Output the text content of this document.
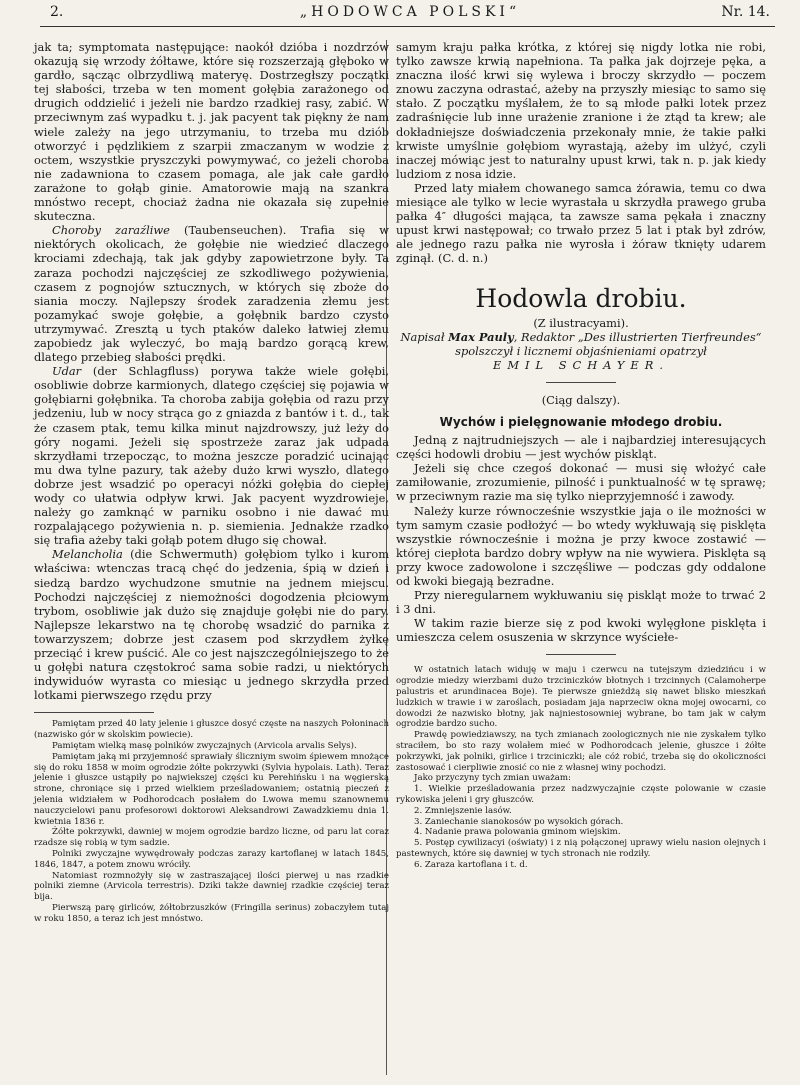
2.	„HODOWCA POLSKI“	Nr. 14.

jak ta; symptomata następujące: naokół dzióba i nozdrzów okazują się wrzody żółtawe, które się rozszerzają głęboko w gardło, sącząc olbrzydliwą materyę. Dostrzegłszy początki tej słabości, trzeba w ten moment gołębia zarażonego od drugich oddzielić i jeżeli nie bardzo rzadkiej rasy, zabić. W przeciwnym zaś wypadku t. j. jak pacyent tak piękny że nam wiele zależy na jego utrzymaniu, to trzeba mu dziób otworzyć i pędzlikiem z szarpii zmaczanym w wodzie z octem, wszystkie pryszczyki powymywać, co jeżeli choroba nie zadawniona to czasem pomaga, ale jak całe gardło zarażone to gołąb ginie. Amatorowie mają na szankra mnóstwo recept, chociaż żadna nie okazała się zupełnie skuteczna.

Choroby zaraźliwe (Taubenseuchen). Trafia się w niektórych okolicach, że gołębie nie wiedzieć dlaczego krociami zdechają, tak jak gdyby zapowietrzone były. Ta zaraza pochodzi najczęściej ze szkodliwego pożywienia, czasem z pognojów sztucznych, w których się zboże do siania moczy. Najlepszy środek zaradzenia złemu jest pozamykać swoje gołębie, a gołębnik bardzo czysto utrzymywać. Zresztą u tych ptaków daleko łatwiej złemu zapobiedz jak wyleczyć, bo mają bardzo gorącą krew, dlatego przebieg słabości prędki.

Udar (der Schlagfluss) porywa także wiele gołębi, osobliwie dobrze karmionych, dlatego częściej się pojawia w gołębiarni gołębnika. Ta choroba zabija gołębia od razu przy jedzeniu, lub w nocy strąca go z gniazda z bantów i t. d., tak że czasem ptak, temu kilka minut najzdrowszy, już leży do góry nogami. Jeżeli się spostrzeże zaraz jak udpada skrzydłami trzepocząc, to można jeszcze poradzić ucinając mu dwa tylne pazury, tak ażeby dużo krwi wyszło, dlatego dobrze jest wsadzić po operacyi nóżki gołębia do ciepłej wody co ułatwia odpływ krwi. Jak pacyent wyzdrowieje, należy go zamknąć w parniku osobno i nie dawać mu rozpalającego pożywienia n. p. siemienia. Jednakże rzadko się trafia ażeby taki gołąb potem długo się chował.

Melancholia (die Schwermuth) gołębiom tylko i kurom właściwa: wtenczas tracą chęć do jedzenia, śpią w dzień i siedzą bardzo wychudzone smutnie na jednem miejscu. Pochodzi najczęściej z niemożności dogodzenia płciowym trybom, osobliwie jak dużo się znajduje gołębi nie do pary. Najlepsze lekarstwo na tę chorobę wsadzić do parnika z towarzyszem; dobrze jest czasem pod skrzydłem żyłkę przeciąć i krew puścić. Ale co jest najszczególniejszego to że u gołębi natura częstokroć sama sobie radzi, u niektórych indywiduów wyrasta co miesiąc u jednego skrzydła przed lotkami pierwszego rzędu przy

Pamiętam przed 40 laty jelenie i głuszce dosyć częste na naszych Połoninach (nazwisko gór w skolskim powiecie).

Pamiętam wielką masę polników zwyczajnych (Arvicola arvalis Selys).

Pamiętam jaką mi przyjemność sprawiały śliczniym swoim śpiewem mnożące się do roku 1858 w moim ogrodzie żółte pokrzywki (Sylvia hypolais. Lath). Teraz jelenie i głuszce ustąpiły po najwiekszej części ku Perehińsku i na węgierską strone, chroniące się i przed wielkiem prześladowaniem; ostatnią pieczeń z jelenia widziałem w Podhorodcach posłałem do Lwowa memu szanownemu nauczycielowi panu profesorowi doktorowi Aleksandrowi Zawadzkiemu dnia 1. kwietnia 1836 r.

Żółte pokrzywki, dawniej w mojem ogrodzie bardzo liczne, od paru lat coraz rzadsze się robią w tym sadzie.

Polniki zwyczajne wywędrowały podczas zarazy kartoflanej w latach 1845, 1846, 1847, a potem znowu wróciły.

Natomiast rozmnożyły się w zastraszającej ilości pierwej u nas rzadkie polniki ziemne (Arvicola terrestris). Dziki także dawniej rzadkie częściej teraz bija.

Pierwszą parę girliców, żółtobrzuszków (Fringilla serinus) zobaczyłem tutaj w roku 1850, a teraz ich jest mnóstwo.

samym kraju pałka krótka, z której się nigdy lotka nie robi, tylko zawsze krwią napełniona. Ta pałka jak dojrzeje pęka, a znaczna ilość krwi się wylewa i broczy skrzydło — poczem znowu zaczyna odrastać, ażeby na przyszły miesiąc to samo się stało. Z początku myślałem, że to są młode pałki lotek przez zadraśnięcie lub inne urażenie zranione i że ztąd ta krew; ale dokładniejsze doświadczenia przekonały mnie, że takie pałki krwiste umyślnie gołębiom wyrastają, ażeby im ulżyć, czyli inaczej mówiąc jest to naturalny upust krwi, tak n. p. jak kiedy ludziom z nosa idzie.

Przed laty miałem chowanego samca żórawia, temu co dwa miesiące ale tylko w lecie wyrastała u skrzydła prawego gruba pałka 4″ długości mająca, ta zawsze sama pękała i znaczny upust krwi następował; co trwało przez 5 lat i ptak był zdrów, ale jednego razu pałka nie wyrosła i żóraw tknięty udarem zginął. (C. d. n.)

Hodowla drobiu.

(Z ilustracyami).

Napisał Max Pauly, Redaktor „Des illustrierten Tierfreundes“ spolszczył i licznemi objaśnieniami opatrzył

EMIL SCHAYER.

(Ciąg dalszy).

Wychów i pielęgnowanie młodego drobiu.

Jedną z najtrudniejszych — ale i najbardziej interesujących części hodowli drobiu — jest wychów piskląt.

Jeżeli się chce czegoś dokonać — musi się włożyć całe zamiłowanie, zrozumienie, pilność i punktualność w tę sprawę; w przeciwnym razie ma się tylko nieprzyjemność i zawody.

Należy kurze równocześnie wszystkie jaja o ile możności w tym samym czasie podłożyć — bo wtedy wykłuwają się pisklęta wszystkie równocześnie i można je przy kwoce zostawić — której ciepłota bardzo dobry wpływ na nie wywiera. Pisklęta są przy kwoce zadowolone i szczęśliwe — podczas gdy oddalone od kwoki biegają bezradne.

Przy nieregularnem wykłuwaniu się piskląt może to trwać 2 i 3 dni.

W takim razie bierze się z pod kwoki wylęgłone pisklęta i umieszcza celem osuszenia w skrzynce wyściełe-

W ostatnich latach widuję w maju i czerwcu na tutejszym dziedzińcu i w ogrodzie miedzy wierzbami dużo trzciniczków błotnych i trzcinnych (Calamoherpe palustris et arundinacea Boje). Te pierwsze gnieżdżą się nawet blisko mieszkań ludzkich w trawie i w zaroślach, posiadam jaja naprzeciw okna mojej owocarni, co dowodzi że nazwisko błotny, jak najniestosowniej wybrane, bo tam jak w całym ogrodzie bardzo sucho.

Prawdę powiedziawszy, na tych zmianach zoologicznych nie nie zyskałem tylko straciłem, bo sto razy wolałem mieć w Podhorodcach jelenie, głuszce i żółte pokrzywki, jak polniki, girlice i trzciniczki; ale cóż robić, trzeba się do okoliczności zastosować i cierpliwie znosić co nie z własnej winy pochodzi.

Jako przyczyny tych zmian uważam:

1. Wielkie prześladowania przez nadzwyczajnie częste polowanie w czasie rykowiska jeleni i gry głuszców.

2. Zmniejszenie lasów.

3. Zaniechanie sianokosów po wysokich górach.

4. Nadanie prawa polowania gminom wiejskim.

5. Postęp cywilizacyi (oświaty) i z nią połączonej uprawy wielu nasion olejnych i pastewnych, które się dawniej w tych stronach nie rodziły.

6. Zaraza kartoflana i t. d.
